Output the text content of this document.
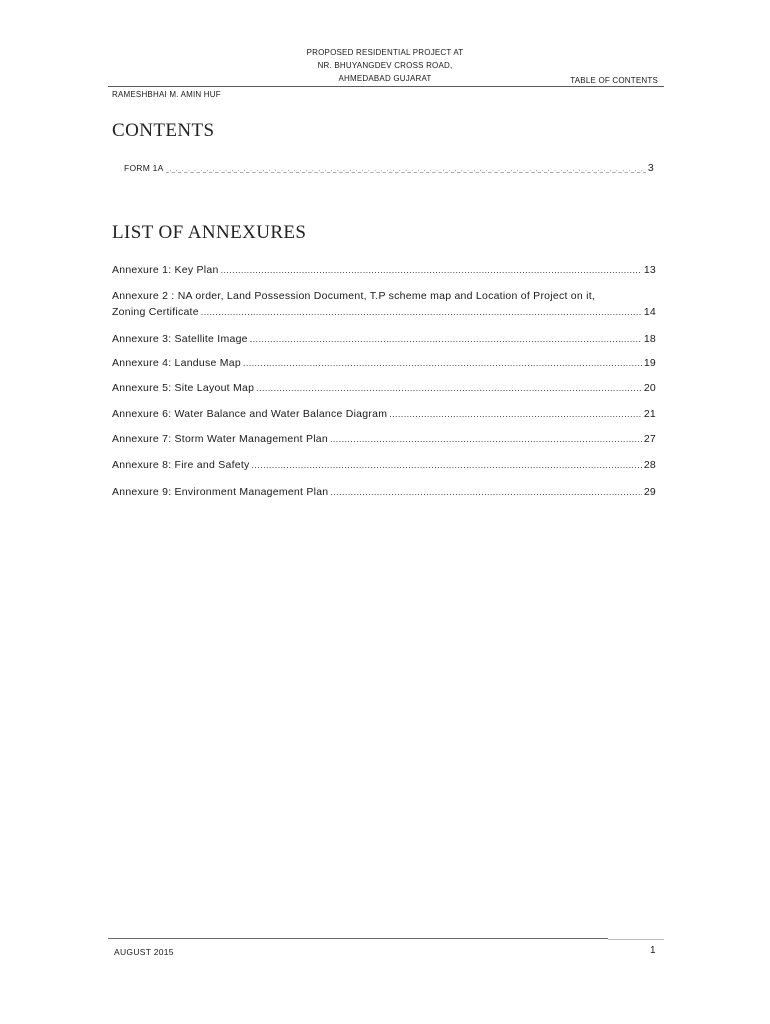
PROPOSED RESIDENTIAL PROJECT AT
NR. BHUYANGDEV CROSS ROAD,
AHMEDABAD GUJARAT
RAMESHBHAI M. AMIN HUF
TABLE OF CONTENTS
CONTENTS
FORM 1A _._._	3
LIST OF ANNEXURES
Annexure 1: Key Plan .....	13
Annexure 2 : NA order, Land Possession Document, T.P scheme map and Location of Project on it,
Zoning Certificate .....	14
Annexure 3: Satellite Image .....	18
Annexure 4: Landuse Map .....	19
Annexure 5: Site Layout Map .....	20
Annexure 6: Water Balance and Water Balance Diagram .....	21
Annexure 7: Storm Water Management Plan .....	27
Annexure 8: Fire and Safety .....	28
Annexure 9: Environment Management Plan .....	29
AUGUST 2015	1
